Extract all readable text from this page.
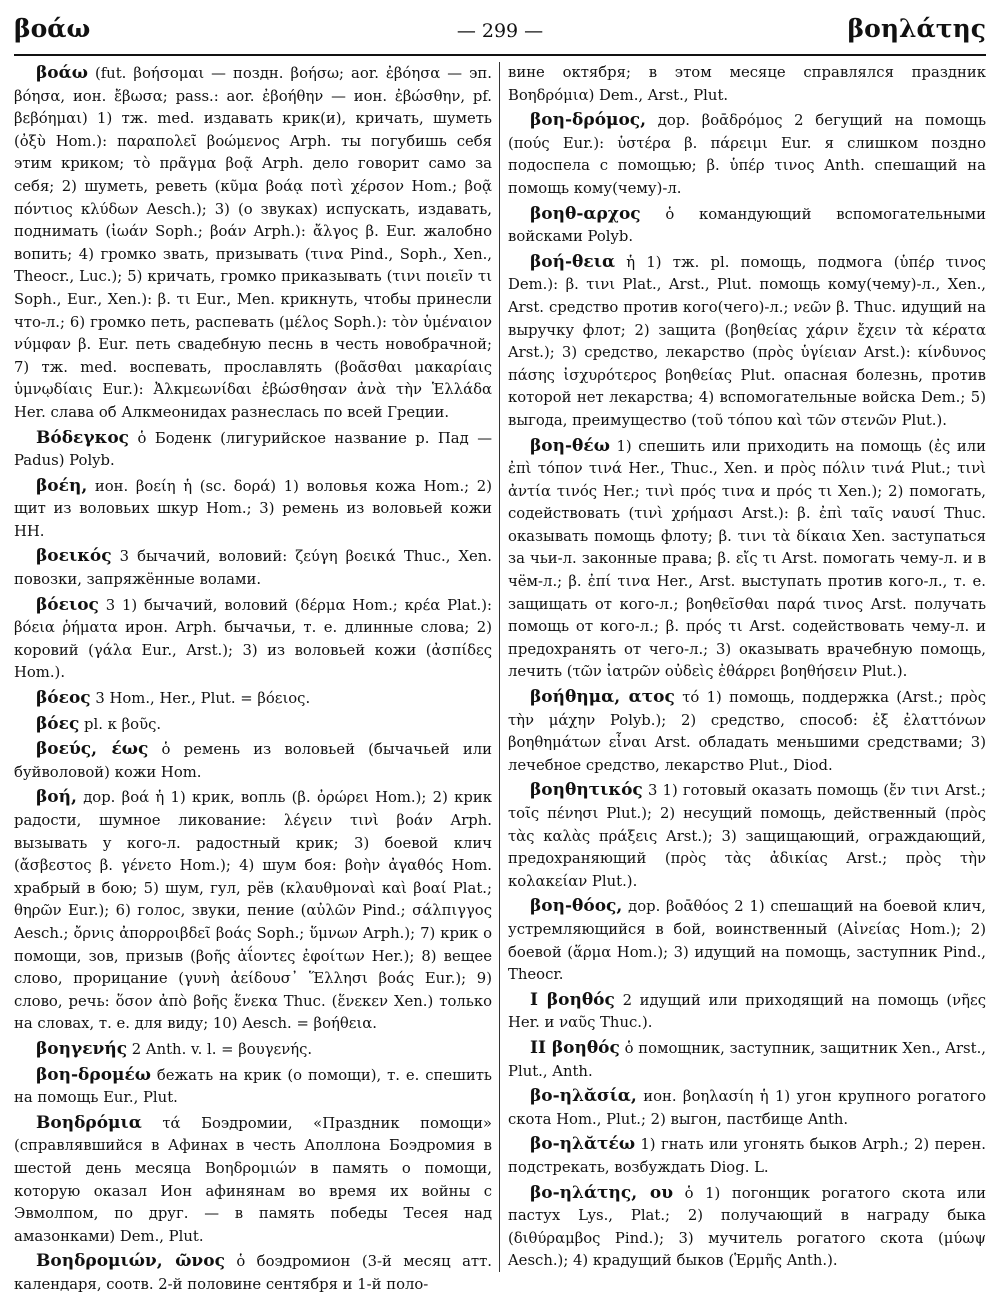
βοάω	— 299 —	βοηλάτης

βοάω (fut. βοήσομαι — поздн. βοήσω; aor. ἐβόησα — эп. βόησα, ион. ἔβωσα; pass.: aor. ἐβοήθην — ион. ἐβώσθην, pf. βεβόημαι) 1) тж. med. издавать крик(и), кричать, шуметь (ὀξὺ Hom.): παραπολεῖ βοώμενος Arph. ты погубишь себя этим криком; τὸ πρᾶγμα βοᾷ Arph. дело говорит само за себя; 2) шуметь, реветь (κῦμα βοάᾳ ποτὶ χέρσον Hom.; βοᾷ πόντιος κλύδων Aesch.); 3) (о звуках) испускать, издавать, поднимать (ἰωάν Soph.; βοάν Arph.): ἄλγος β. Eur. жалобно вопить; 4) громко звать, призывать (τινα Pind., Soph., Xen., Theocr., Luc.); 5) кричать, громко приказывать (τινι ποιεῖν τι Soph., Eur., Xen.): β. τι Eur., Men. крикнуть, чтобы принесли что-л.; 6) громко петь, распевать (μέλος Soph.): τὸν ὑμέναιον νύμφαν β. Eur. петь свадебную песнь в честь новобрачной; 7) тж. med. воспевать, прославлять (βοᾶσθαι μακαρίαις ὑμνῳδίαις Eur.): Ἀλκμεωνίδαι ἐβώσθησαν ἀνὰ τὴν Ἑλλάδα Her. слава об Алкмеонидах разнеслась по всей Греции.

Βόδεγκος ὁ Боденк (лигурийское название р. Пад — Padus) Polyb.

βοέη, ион. βοείη ἡ (sc. δορά) 1) воловья кожа Hom.; 2) щит из воловьих шкур Hom.; 3) ремень из воловьей кожи HH.

βοεικός 3 бычачий, воловий: ζεύγη βοεικά Thuc., Xen. повозки, запряжённые волами.

βόειος 3 1) бычачий, воловий (δέρμα Hom.; κρέα Plat.): βόεια ῥήματα ирон. Arph. бычачьи, т. е. длинные слова; 2) коровий (γάλα Eur., Arst.); 3) из воловьей кожи (ἀσπίδες Hom.).

βόεος 3 Hom., Her., Plut. = βόειος.

βόες pl. к βοῦς.

βοεύς, έως ὁ ремень из воловьей (бычачьей или буйволовой) кожи Hom.

βοή, дор. βοά ἡ 1) крик, вопль (β. ὀρώρει Hom.); 2) крик радости, шумное ликование: λέγειν τινὶ βοάν Arph. вызывать у кого-л. радостный крик; 3) боевой клич (ἄσβεστος β. γένετο Hom.); 4) шум боя: βοὴν ἀγαθός Hom. храбрый в бою; 5) шум, гул, рёв (κλαυθμοναὶ καὶ βοαί Plat.; θηρῶν Eur.); 6) голос, звуки, пение (αὐλῶν Pind.; σάλπιγγος Aesch.; ὄρνις ἀπορροιβδεῖ βοάς Soph.; ὕμνων Arph.); 7) крик о помощи, зов, призыв (βοῆς ἀΐοντες ἐφοίτων Her.); 8) вещее слово, прорицание (γυνὴ ἀείδουσ᾽ Ἕλλησι βοάς Eur.); 9) слово, речь: ὅσον ἀπὸ βοῆς ἕνεκα Thuc. (ἕνεκεν Xen.) только на словах, т. е. для виду; 10) Aesch. = βοήθεια.

βοηγενής 2 Anth. v. l. = βουγενής.

βοη-δρομέω бежать на крик (о помощи), т. е. спешить на помощь Eur., Plut.

Βοηδρόμια τά Боэдромии, «Праздник помощи» (справлявшийся в Афинах в честь Аполлона Боэдромия в шестой день месяца Βοηδρομιών в память о помощи, которую оказал Ион афинянам во время их войны с Эвмолпом, по друг. — в память победы Тесея над амазонками) Dem., Plut.

Βοηδρομιών, ῶνος ὁ боэдромион (3-й месяц атт. календаря, соотв. 2-й половине сентября и 1-й поло-

вине октября; в этом месяце справлялся праздник Βοηδρόμια) Dem., Arst., Plut.

βοη-δρόμος, дор. βοᾱδρόμος 2 бегущий на помощь (πούς Eur.): ὑστέρα β. πάρειμι Eur. я слишком поздно подоспела с помощью; β. ὑπέρ τινος Anth. спешащий на помощь кому(чему)-л.

βοηθ-αρχος ὁ командующий вспомогательными войсками Polyb.

βοή-θεια ἡ 1) тж. pl. помощь, подмога (ὑπέρ τινος Dem.): β. τινι Plat., Arst., Plut. помощь кому(чему)-л., Xen., Arst. средство против кого(чего)-л.; νεῶν β. Thuc. идущий на выручку флот; 2) защита (βοηθείας χάριν ἔχειν τὰ κέρατα Arst.); 3) средство, лекарство (πρὸς ὑγίειαν Arst.): κίνδυνος πάσης ἰσχυρότερος βοηθείας Plut. опасная болезнь, против которой нет лекарства; 4) вспомогательные войска Dem.; 5) выгода, преимущество (τοῦ τόπου καὶ τῶν στενῶν Plut.).

βοη-θέω 1) спешить или приходить на помощь (ἐς или ἐπὶ τόπον τινά Her., Thuc., Xen. и πρὸς πόλιν τινά Plut.; τινὶ ἀντία τινός Her.; τινὶ πρός τινα и πρός τι Xen.); 2) помогать, содействовать (τινὶ χρήμασι Arst.): β. ἐπὶ ταῖς ναυσί Thuc. оказывать помощь флоту; β. τινι τὰ δίκαια Xen. заступаться за чьи-л. законные права; β. εἴς τι Arst. помогать чему-л. и в чём-л.; β. ἐπί τινα Her., Arst. выступать против кого-л., т. е. защищать от кого-л.; βοηθεῖσθαι παρά τινος Arst. получать помощь от кого-л.; β. πρός τι Arst. содействовать чему-л. и предохранять от чего-л.; 3) оказывать врачебную помощь, лечить (τῶν ἰατρῶν οὐδεὶς ἐθάρρει βοηθήσειν Plut.).

βοήθημα, ατος τό 1) помощь, поддержка (Arst.; πρὸς τὴν μάχην Polyb.); 2) средство, способ: ἐξ ἐλαττόνων βοηθημάτων εἶναι Arst. обладать меньшими средствами; 3) лечебное средство, лекарство Plut., Diod.

βοηθητικός 3 1) готовый оказать помощь (ἔν τινι Arst.; τοῖς πένησι Plut.); 2) несущий помощь, действенный (πρὸς τὰς καλὰς πράξεις Arst.); 3) защищающий, ограждающий, предохраняющий (πρὸς τὰς ἀδικίας Arst.; πρὸς τὴν κολακείαν Plut.).

βοη-θόος, дор. βοᾱθόος 2 1) спешащий на боевой клич, устремляющийся в бой, воинственный (Αἰνείας Hom.); 2) боевой (ἅρμα Hom.); 3) идущий на помощь, заступник Pind., Theocr.

I βοηθός 2 идущий или приходящий на помощь (νῆες Her. и ναῦς Thuc.).

II βοηθός ὁ помощник, заступник, защитник Xen., Arst., Plut., Anth.

βο-ηλᾰσία, ион. βοηλασίη ἡ 1) угон крупного рогатого скота Hom., Plut.; 2) выгон, пастбище Anth.

βο-ηλᾰτέω 1) гнать или угонять быков Arph.; 2) перен. подстрекать, возбуждать Diog. L.

βο-ηλάτης, ου ὁ 1) погонщик рогатого скота или пастух Lys., Plat.; 2) получающий в награду быка (διθύραμβος Pind.); 3) мучитель рогатого скота (μύωψ Aesch.); 4) крадущий быков (Ἑρμῆς Anth.).
